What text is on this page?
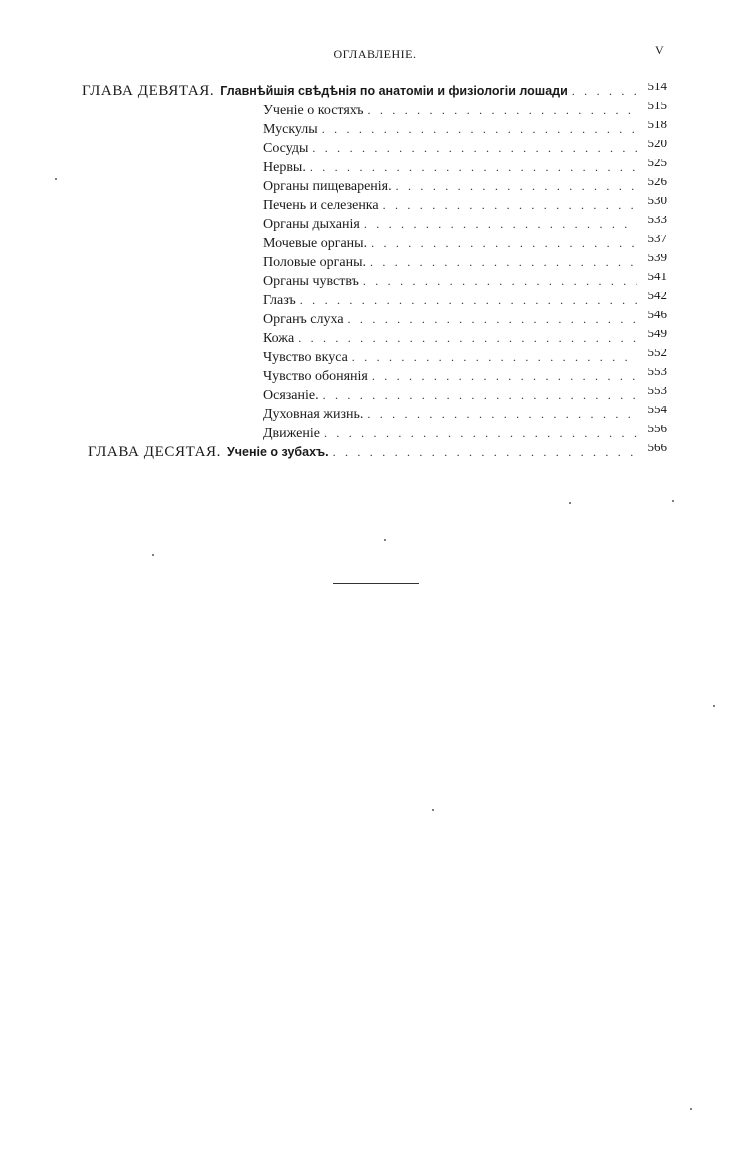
ОГЛАВЛЕНIЕ.	V
ГЛАВА ДЕВЯТАЯ. Главнѣйшiя свѣдѣнiя по анатомiи и физiологiи лошади . . .	514
Ученiе о костяхъ . . .	515
Мускулы . . .	518
Сосуды . . .	520
Нервы. . . .	525
Органы пищеваренiя. . . .	526
Печень и селезенка . . .	530
Органы дыханiя . . .	533
Мочевые органы. . . .	537
Половые органы. . . .	539
Органы чувствъ . . .	541
Глазъ . . .	542
Органъ слуха . . .	546
Кожа . . .	549
Чувство вкуса . . .	552
Чувство обонянiя . . .	553
Осязанiе. . . .	553
Духовная жизнь. . . .	554
Движенiе . . .	556
ГЛАВА ДЕСЯТАЯ. Ученiе о зубахъ. . . .	566
